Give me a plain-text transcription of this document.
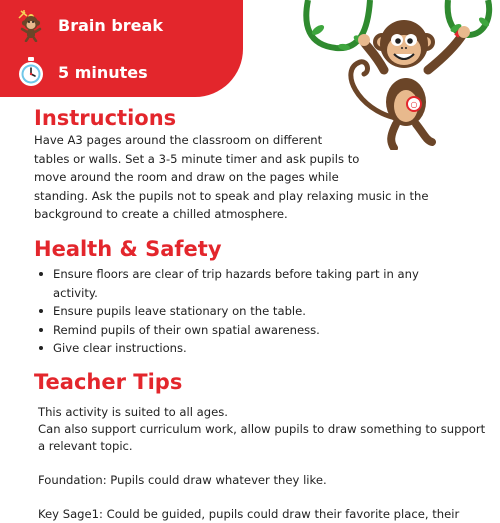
Brain break
5 minutes
○
Instructions

Have A3 pages around the classroom on different
tables or walls. Set a 3-5 minute timer and ask pupils to
move around the room and draw on the pages while
standing. Ask the pupils not to speak and play relaxing music in the
background to create a chilled atmosphere.

Health & Safety
Ensure floors are clear of trip hazards before taking part in any
activity.
Ensure pupils leave stationary on the table.
Remind pupils of their own spatial awareness.
Give clear instructions.
Teacher Tips
This activity is suited to all ages.
Can also support curriculum work, allow pupils to draw something to support
a relevant topic.
Foundation: Pupils could draw whatever they like.
Key Sage1: Could be guided, pupils could draw their favorite place, their
